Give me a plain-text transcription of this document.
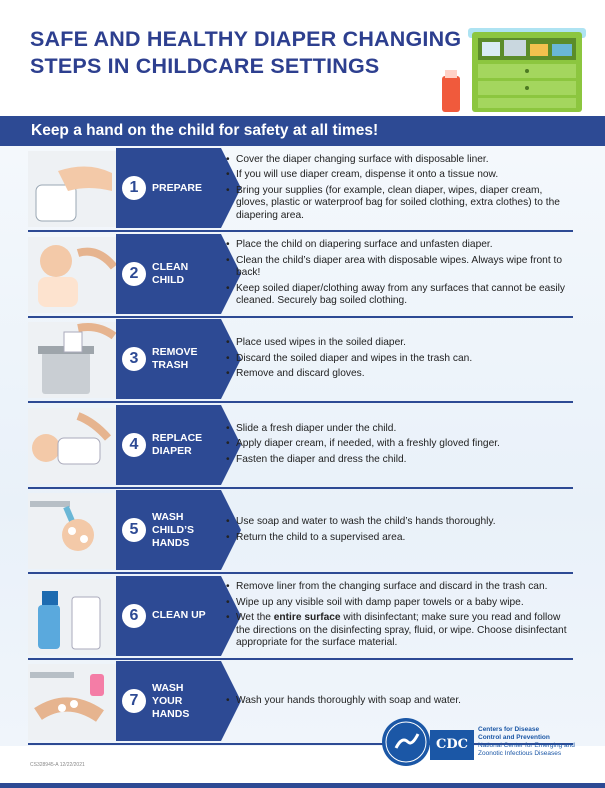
SAFE AND HEALTHY DIAPER CHANGING STEPS IN CHILDCARE SETTINGS
Keep a hand on the child for safety at all times!
1	PREPARE
• Cover the diaper changing surface with disposable liner.
• If you will use diaper cream, dispense it onto a tissue now.
• Bring your supplies (for example, clean diaper, wipes, diaper cream, gloves, plastic or waterproof bag for soiled clothing, extra clothes) to the diapering area.
2	CLEAN
CHILD
• Place the child on diapering surface and unfasten diaper.
• Clean the child’s diaper area with disposable wipes. Always wipe front to back!
• Keep soiled diaper/clothing away from any surfaces that cannot be easily cleaned. Securely bag soiled clothing.
3	REMOVE
TRASH
• Place used wipes in the soiled diaper.
• Discard the soiled diaper and wipes in the trash can.
• Remove and discard gloves.
4	REPLACE
DIAPER
• Slide a fresh diaper under the child.
• Apply diaper cream, if needed, with a freshly gloved finger.
• Fasten the diaper and dress the child.
5
WASH
CHILD’S
HANDS
• Use soap and water to wash the child’s hands thoroughly.
• Return the child to a supervised area.
6	CLEAN UP
• Remove liner from the changing surface and discard in the trash can.
• Wipe up any visible soil with damp paper towels or a baby wipe.
• Wet the entire surface with disinfectant; make sure you read and follow the directions on the disinfecting spray, fluid, or wipe. Choose disinfectant appropriate for the surface material.
7
WASH
YOUR
HANDS
• Wash your hands thoroughly with soap and water.
CS328945-A 12/22/2021
CDC
Centers for Disease
Control and Prevention
National Center for Emerging and
Zoonotic Infectious Diseases
